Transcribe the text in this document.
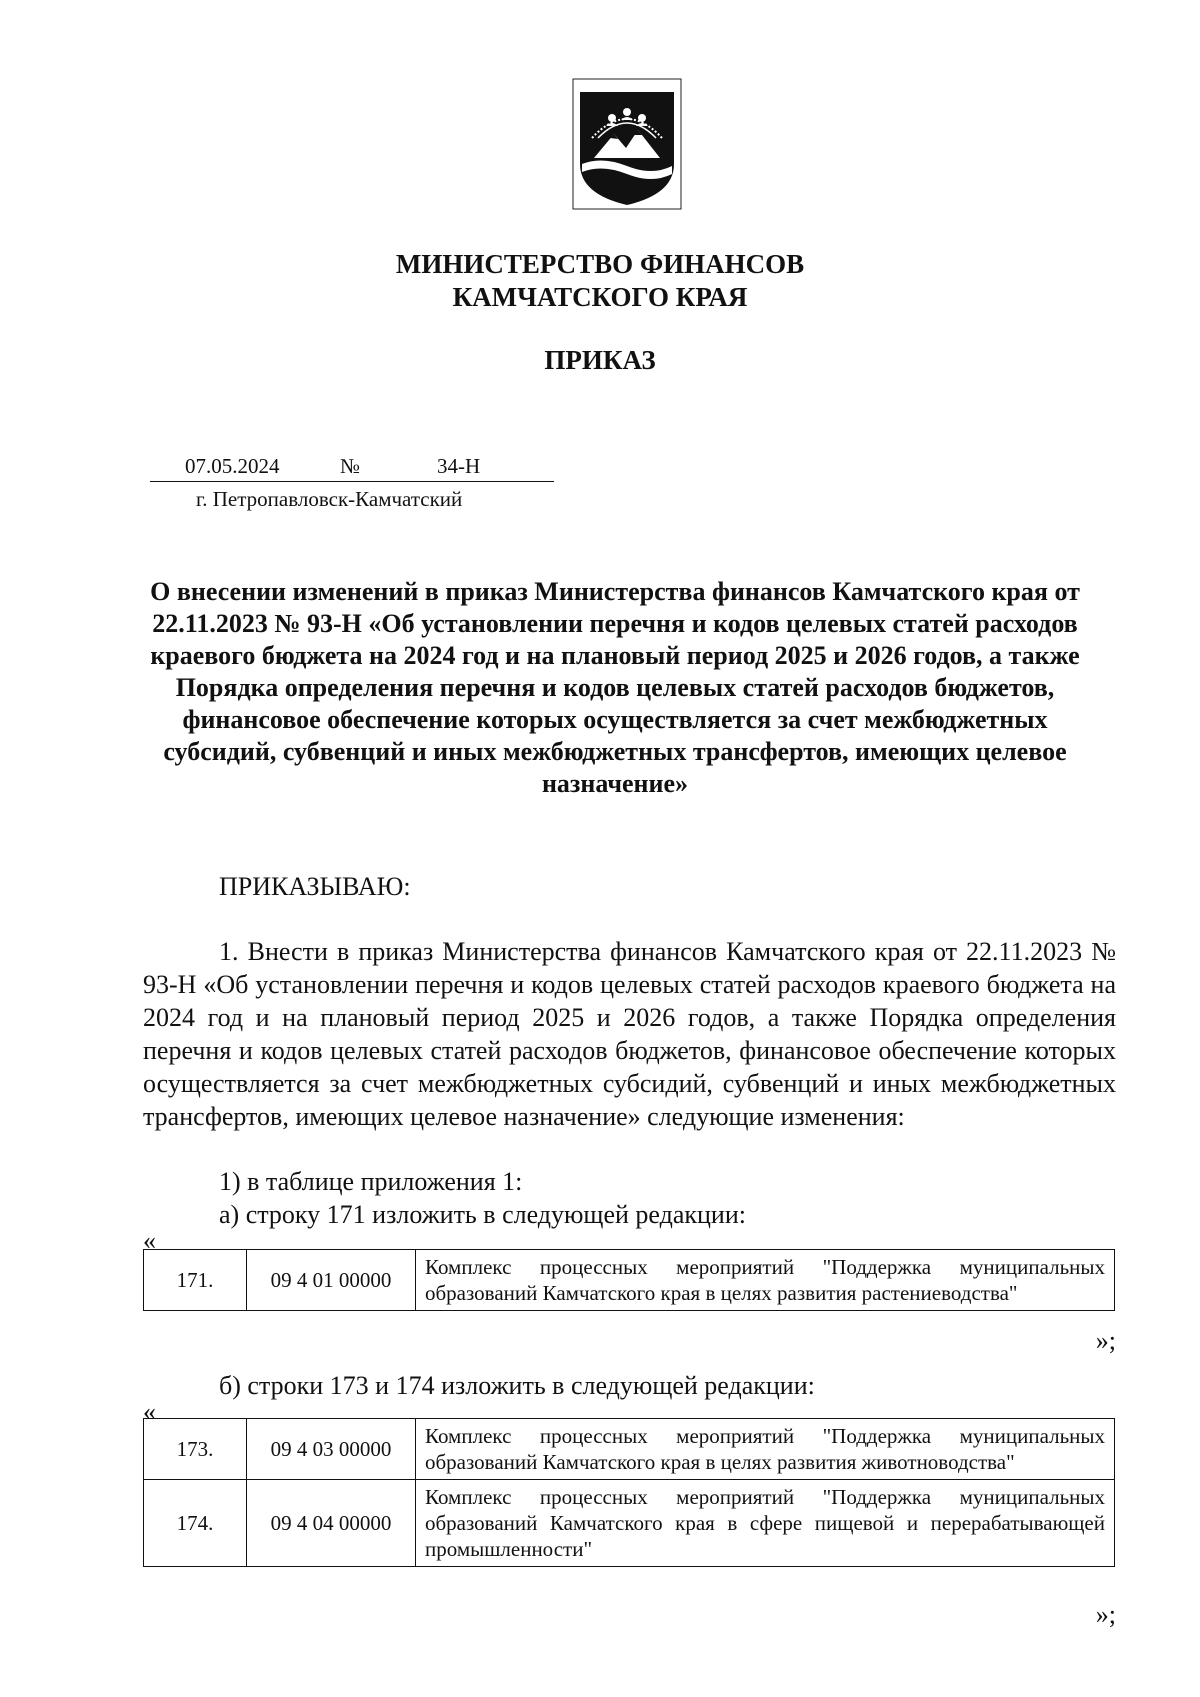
МИНИСТЕРСТВО ФИНАНСОВ
КАМЧАТСКОГО КРАЯ
ПРИКАЗ
07.05.2024	№	34-Н
г. Петропавловск-Камчатский
О внесении изменений в приказ Министерства финансов Камчатского края от 22.11.2023 № 93-Н «Об установлении перечня и кодов целевых статей расходов краевого бюджета на 2024 год и на плановый период 2025 и 2026 годов, а также Порядка определения перечня и кодов целевых статей расходов бюджетов, финансовое обеспечение которых осуществляется за счет межбюджетных субсидий, субвенций и иных межбюджетных трансфертов, имеющих целевое назначение»
ПРИКАЗЫВАЮ:
1. Внести в приказ Министерства финансов Камчатского края от 22.11.2023 № 93-Н «Об установлении перечня и кодов целевых статей расходов краевого бюджета на 2024 год и на плановый период 2025 и 2026 годов, а также Порядка определения перечня и кодов целевых статей расходов бюджетов, финансовое обеспечение которых осуществляется за счет межбюджетных субсидий, субвенций и иных межбюджетных трансфертов, имеющих целевое назначение» следующие изменения:
1) в таблице приложения 1:
а) строку 171 изложить в следующей редакции:
«
171.	09 4 01 00000	Комплекс процессных мероприятий "Поддержка муниципальных образований Камчатского края в целях развития растениеводства"
»;
б) строки 173 и 174 изложить в следующей редакции:
«
173.	09 4 03 00000	Комплекс процессных мероприятий "Поддержка муниципальных образований Камчатского края в целях развития животноводства"
174.	09 4 04 00000	Комплекс процессных мероприятий "Поддержка муниципальных образований Камчатского края в сфере пищевой и перерабатывающей промышленности"
»;
